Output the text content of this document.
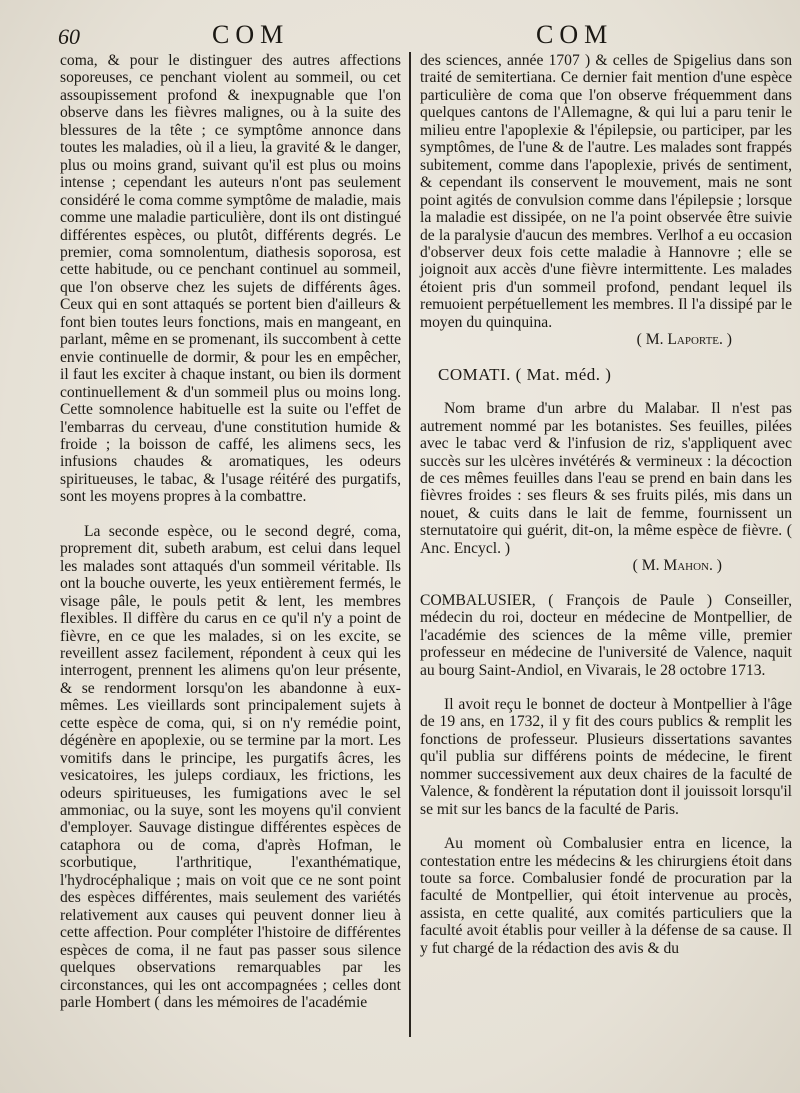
60	COM	COM

coma, & pour le distinguer des autres affections soporeuses, ce penchant violent au sommeil, ou cet assoupissement profond & inexpugnable que l'on observe dans les fièvres malignes, ou à la suite des blessures de la tête ; ce symptôme annonce dans toutes les maladies, où il a lieu, la gravité & le danger, plus ou moins grand, suivant qu'il est plus ou moins intense ; cependant les auteurs n'ont pas seulement considéré le coma comme symptôme de maladie, mais comme une maladie particulière, dont ils ont distingué différentes espèces, ou plutôt, différents degrés. Le premier, coma somnolentum, diathesis soporosa, est cette habitude, ou ce penchant continuel au sommeil, que l'on observe chez les sujets de différents âges. Ceux qui en sont attaqués se portent bien d'ailleurs & font bien toutes leurs fonctions, mais en mangeant, en parlant, même en se promenant, ils succombent à cette envie continuelle de dormir, & pour les en empêcher, il faut les exciter à chaque instant, ou bien ils dorment continuellement & d'un sommeil plus ou moins long. Cette somnolence habituelle est la suite ou l'effet de l'embarras du cerveau, d'une constitution humide & froide ; la boisson de caffé, les alimens secs, les infusions chaudes & aromatiques, les odeurs spiritueuses, le tabac, & l'usage réitéré des purgatifs, sont les moyens propres à la combattre.

La seconde espèce, ou le second degré, coma, proprement dit, subeth arabum, est celui dans lequel les malades sont attaqués d'un sommeil véritable. Ils ont la bouche ouverte, les yeux entièrement fermés, le visage pâle, le pouls petit & lent, les membres flexibles. Il diffère du carus en ce qu'il n'y a point de fièvre, en ce que les malades, si on les excite, se reveillent assez facilement, répondent à ceux qui les interrogent, prennent les alimens qu'on leur présente, & se rendorment lorsqu'on les abandonne à eux-mêmes. Les vieillards sont principalement sujets à cette espèce de coma, qui, si on n'y remédie point, dégénère en apoplexie, ou se termine par la mort. Les vomitifs dans le principe, les purgatifs âcres, les vesicatoires, les juleps cordiaux, les frictions, les odeurs spiritueuses, les fumigations avec le sel ammoniac, ou la suye, sont les moyens qu'il convient d'employer. Sauvage distingue différentes espèces de cataphora ou de coma, d'après Hofman, le scorbutique, l'arthritique, l'exanthématique, l'hydrocéphalique ; mais on voit que ce ne sont point des espèces différentes, mais seulement des variétés relativement aux causes qui peuvent donner lieu à cette affection. Pour compléter l'histoire de différentes espèces de coma, il ne faut pas passer sous silence quelques observations remarquables par les circonstances, qui les ont accompagnées ; celles dont parle Hombert ( dans les mémoires de l'académie

des sciences, année 1707 ) & celles de Spigelius dans son traité de semitertiana. Ce dernier fait mention d'une espèce particulière de coma que l'on observe fréquemment dans quelques cantons de l'Allemagne, & qui lui a paru tenir le milieu entre l'apoplexie & l'épilepsie, ou participer, par les symptômes, de l'une & de l'autre. Les malades sont frappés subitement, comme dans l'apoplexie, privés de sentiment, & cependant ils conservent le mouvement, mais ne sont point agités de convulsion comme dans l'épilepsie ; lorsque la maladie est dissipée, on ne l'a point observée être suivie de la paralysie d'aucun des membres. Verlhof a eu occasion d'observer deux fois cette maladie à Hannovre ; elle se joignoit aux accès d'une fièvre intermittente. Les malades étoient pris d'un sommeil profond, pendant lequel ils remuoient perpétuellement les membres. Il l'a dissipé par le moyen du quinquina.

( M. Laporte. )

COMATI. ( Mat. méd. )

Nom brame d'un arbre du Malabar. Il n'est pas autrement nommé par les botanistes. Ses feuilles, pilées avec le tabac verd & l'infusion de riz, s'appliquent avec succès sur les ulcères invétérés & vermineux : la décoction de ces mêmes feuilles dans l'eau se prend en bain dans les fièvres froides : ses fleurs & ses fruits pilés, mis dans un nouet, & cuits dans le lait de femme, fournissent un sternutatoire qui guérit, dit-on, la même espèce de fièvre. ( Anc. Encycl. )

( M. Mahon. )

COMBALUSIER, ( François de Paule ) Conseiller, médecin du roi, docteur en médecine de Montpellier, de l'académie des sciences de la même ville, premier professeur en médecine de l'université de Valence, naquit au bourg Saint-Andiol, en Vivarais, le 28 octobre 1713.

Il avoit reçu le bonnet de docteur à Montpellier à l'âge de 19 ans, en 1732, il y fit des cours publics & remplit les fonctions de professeur. Plusieurs dissertations savantes qu'il publia sur différens points de médecine, le firent nommer successivement aux deux chaires de la faculté de Valence, & fondèrent la réputation dont il jouissoit lorsqu'il se mit sur les bancs de la faculté de Paris.

Au moment où Combalusier entra en licence, la contestation entre les médecins & les chirurgiens étoit dans toute sa force. Combalusier fondé de procuration par la faculté de Montpellier, qui étoit intervenue au procès, assista, en cette qualité, aux comités particuliers que la faculté avoit établis pour veiller à la défense de sa cause. Il y fut chargé de la rédaction des avis & du
